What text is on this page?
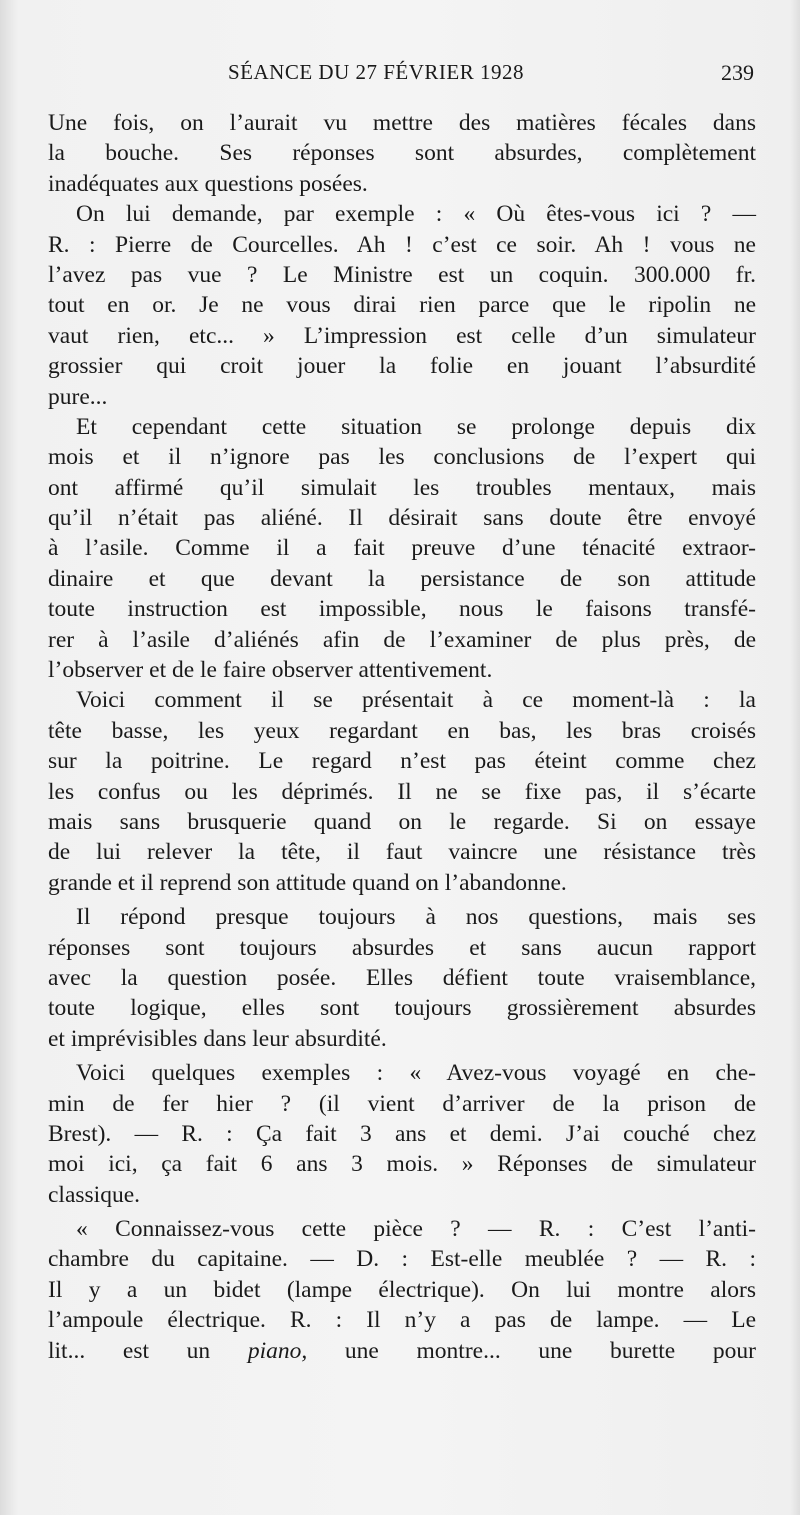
SÉANCE DU 27 FÉVRIER 1928	239
Une fois, on l’aurait vu mettre des matières fécales dans
la bouche. Ses réponses sont absurdes, complètement
inadéquates aux questions posées.
On lui demande, par exemple : « Où êtes-vous ici ? —
R. : Pierre de Courcelles. Ah ! c’est ce soir. Ah ! vous ne
l’avez pas vue ? Le Ministre est un coquin. 300.000 fr.
tout en or. Je ne vous dirai rien parce que le ripolin ne
vaut rien, etc... » L’impression est celle d’un simulateur
grossier qui croit jouer la folie en jouant l’absurdité
pure...
Et cependant cette situation se prolonge depuis dix
mois et il n’ignore pas les conclusions de l’expert qui
ont affirmé qu’il simulait les troubles mentaux, mais
qu’il n’était pas aliéné. Il désirait sans doute être envoyé
à l’asile. Comme il a fait preuve d’une ténacité extraor-
dinaire et que devant la persistance de son attitude
toute instruction est impossible, nous le faisons transfé-
rer à l’asile d’aliénés afin de l’examiner de plus près, de
l’observer et de le faire observer attentivement.
Voici comment il se présentait à ce moment-là : la
tête basse, les yeux regardant en bas, les bras croisés
sur la poitrine. Le regard n’est pas éteint comme chez
les confus ou les déprimés. Il ne se fixe pas, il s’écarte
mais sans brusquerie quand on le regarde. Si on essaye
de lui relever la tête, il faut vaincre une résistance très
grande et il reprend son attitude quand on l’abandonne.
Il répond presque toujours à nos questions, mais ses
réponses sont toujours absurdes et sans aucun rapport
avec la question posée. Elles défient toute vraisemblance,
toute logique, elles sont toujours grossièrement absurdes
et imprévisibles dans leur absurdité.
Voici quelques exemples : « Avez-vous voyagé en che-
min de fer hier ? (il vient d’arriver de la prison de
Brest). — R. : Ça fait 3 ans et demi. J’ai couché chez
moi ici, ça fait 6 ans 3 mois. » Réponses de simulateur
classique.
« Connaissez-vous cette pièce ? — R. : C’est l’anti-
chambre du capitaine. — D. : Est-elle meublée ? — R. :
Il y a un bidet (lampe électrique). On lui montre alors
l’ampoule électrique. R. : Il n’y a pas de lampe. — Le
lit... est un piano, une montre... une burette pour
